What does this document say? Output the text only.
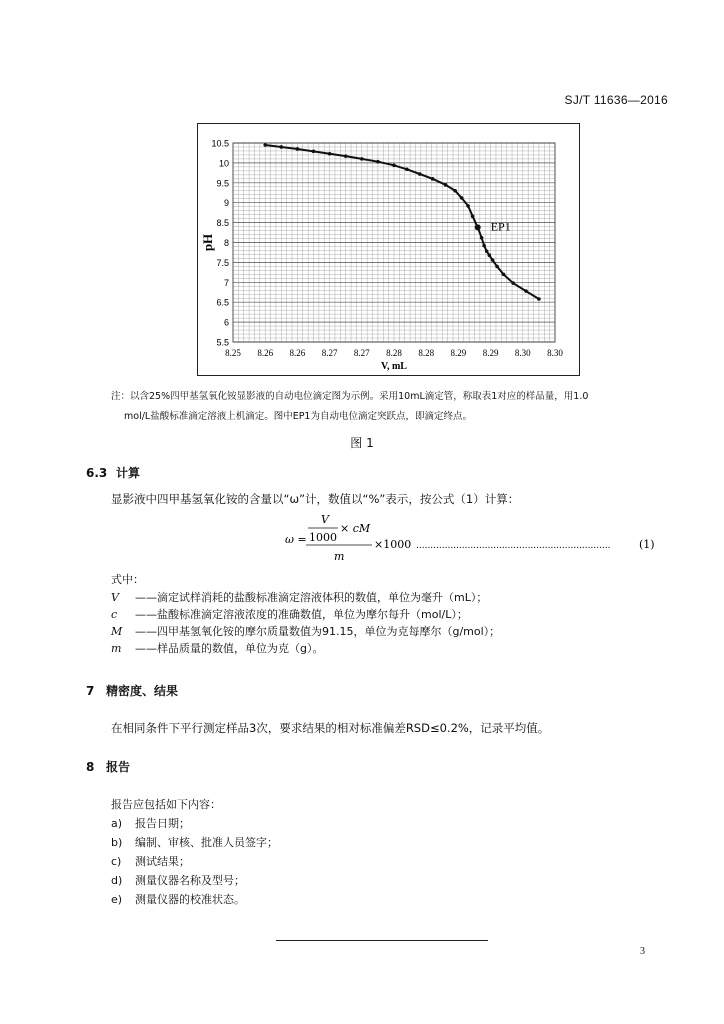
SJ/T 11636—2016
10.5
10
9.5
9
8.5
8
7.5
7
6.5
6
5.5
8.25 8.26 8.26 8.27 8.27 8.28 8.28 8.29 8.29 8.30 8.30
V, mL
pH
EP1
注：以含25%四甲基氢氧化铵显影液的自动电位滴定图为示例。采用10mL滴定管，称取表1对应的样品量，用1.0
mol/L盐酸标准滴定溶液上机滴定。图中EP1为自动电位滴定突跃点，即滴定终点。
图 1
6.3 计算
显影液中四甲基氢氧化铵的含量以“ω”计，数值以“%”表示，按公式（1）计算：
ω =
V
1000
× cM
m
×1000 ....................................................................	(1)
式中：
V ——滴定试样消耗的盐酸标准滴定溶液体积的数值，单位为毫升（mL）；
c ——盐酸标准滴定溶液浓度的准确数值，单位为摩尔每升（mol/L）；
M ——四甲基氢氧化铵的摩尔质量数值为91.15，单位为克每摩尔（g/mol）；
m ——样品质量的数值，单位为克（g）。
7 精密度、结果
在相同条件下平行测定样品3次，要求结果的相对标准偏差RSD≤0.2%，记录平均值。
8 报告
报告应包括如下内容：
a) 报告日期；
b) 编制、审核、批准人员签字；
c) 测试结果；
d) 测量仪器名称及型号；
e) 测量仪器的校准状态。
3
